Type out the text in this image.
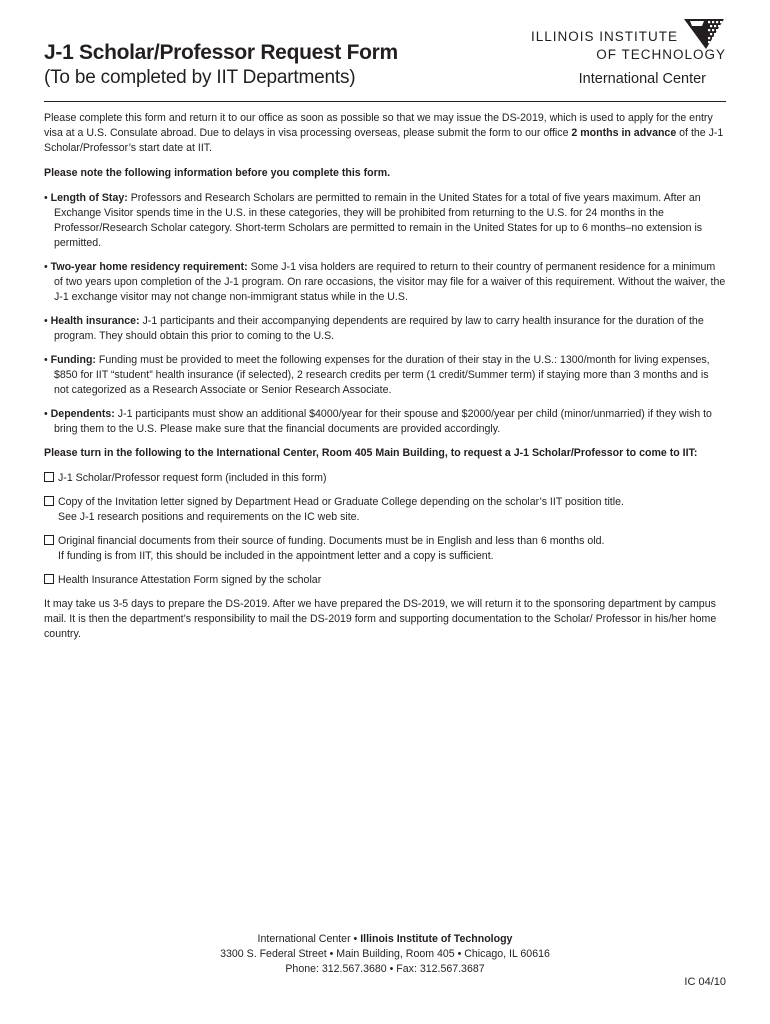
J-1 Scholar/Professor Request Form
(To be completed by IIT Departments)
ILLINOIS INSTITUTE
OF TECHNOLOGY
International Center

Please complete this form and return it to our office as soon as possible so that we may issue the DS-2019, which is used to apply for the entry visa at a U.S. Consulate abroad. Due to delays in visa processing overseas, please submit the form to our office 2 months in advance of the J-1 Scholar/Professor’s start date at IIT.

Please note the following information before you complete this form.

• Length of Stay: Professors and Research Scholars are permitted to remain in the United States for a total of five years maximum. After an Exchange Visitor spends time in the U.S. in these categories, they will be prohibited from returning to the U.S. for 24 months in the Professor/Research Scholar category. Short-term Scholars are permitted to remain in the United States for up to 6 months–no extension is permitted.

• Two-year home residency requirement: Some J-1 visa holders are required to return to their country of permanent residence for a minimum of two years upon completion of the J-1 program. On rare occasions, the visitor may file for a waiver of this requirement. Without the waiver, the J-1 exchange visitor may not change non-immigrant status while in the U.S.

• Health insurance: J-1 participants and their accompanying dependents are required by law to carry health insurance for the duration of the program. They should obtain this prior to coming to the U.S.

• Funding: Funding must be provided to meet the following expenses for the duration of their stay in the U.S.: 1300/month for living expenses, $850 for IIT “student” health insurance (if selected), 2 research credits per term (1 credit/Summer term) if staying more than 3 months and is not categorized as a Research Associate or Senior Research Associate.

• Dependents: J-1 participants must show an additional $4000/year for their spouse and $2000/year per child (minor/unmarried) if they wish to bring them to the U.S. Please make sure that the financial documents are provided accordingly.

Please turn in the following to the International Center, Room 405 Main Building, to request a J-1 Scholar/Professor to come to IIT:

J-1 Scholar/Professor request form (included in this form)

Copy of the Invitation letter signed by Department Head or Graduate College depending on the scholar’s IIT position title.
See J-1 research positions and requirements on the IC web site.

Original financial documents from their source of funding. Documents must be in English and less than 6 months old.
If funding is from IIT, this should be included in the appointment letter and a copy is sufficient.

Health Insurance Attestation Form signed by the scholar

It may take us 3-5 days to prepare the DS-2019. After we have prepared the DS-2019, we will return it to the sponsoring department by campus mail. It is then the department’s responsibility to mail the DS-2019 form and supporting documentation to the Scholar/ Professor in his/her home country.

International Center • Illinois Institute of Technology
3300 S. Federal Street • Main Building, Room 405 • Chicago, IL 60616
Phone: 312.567.3680 • Fax: 312.567.3687
IC 04/10
